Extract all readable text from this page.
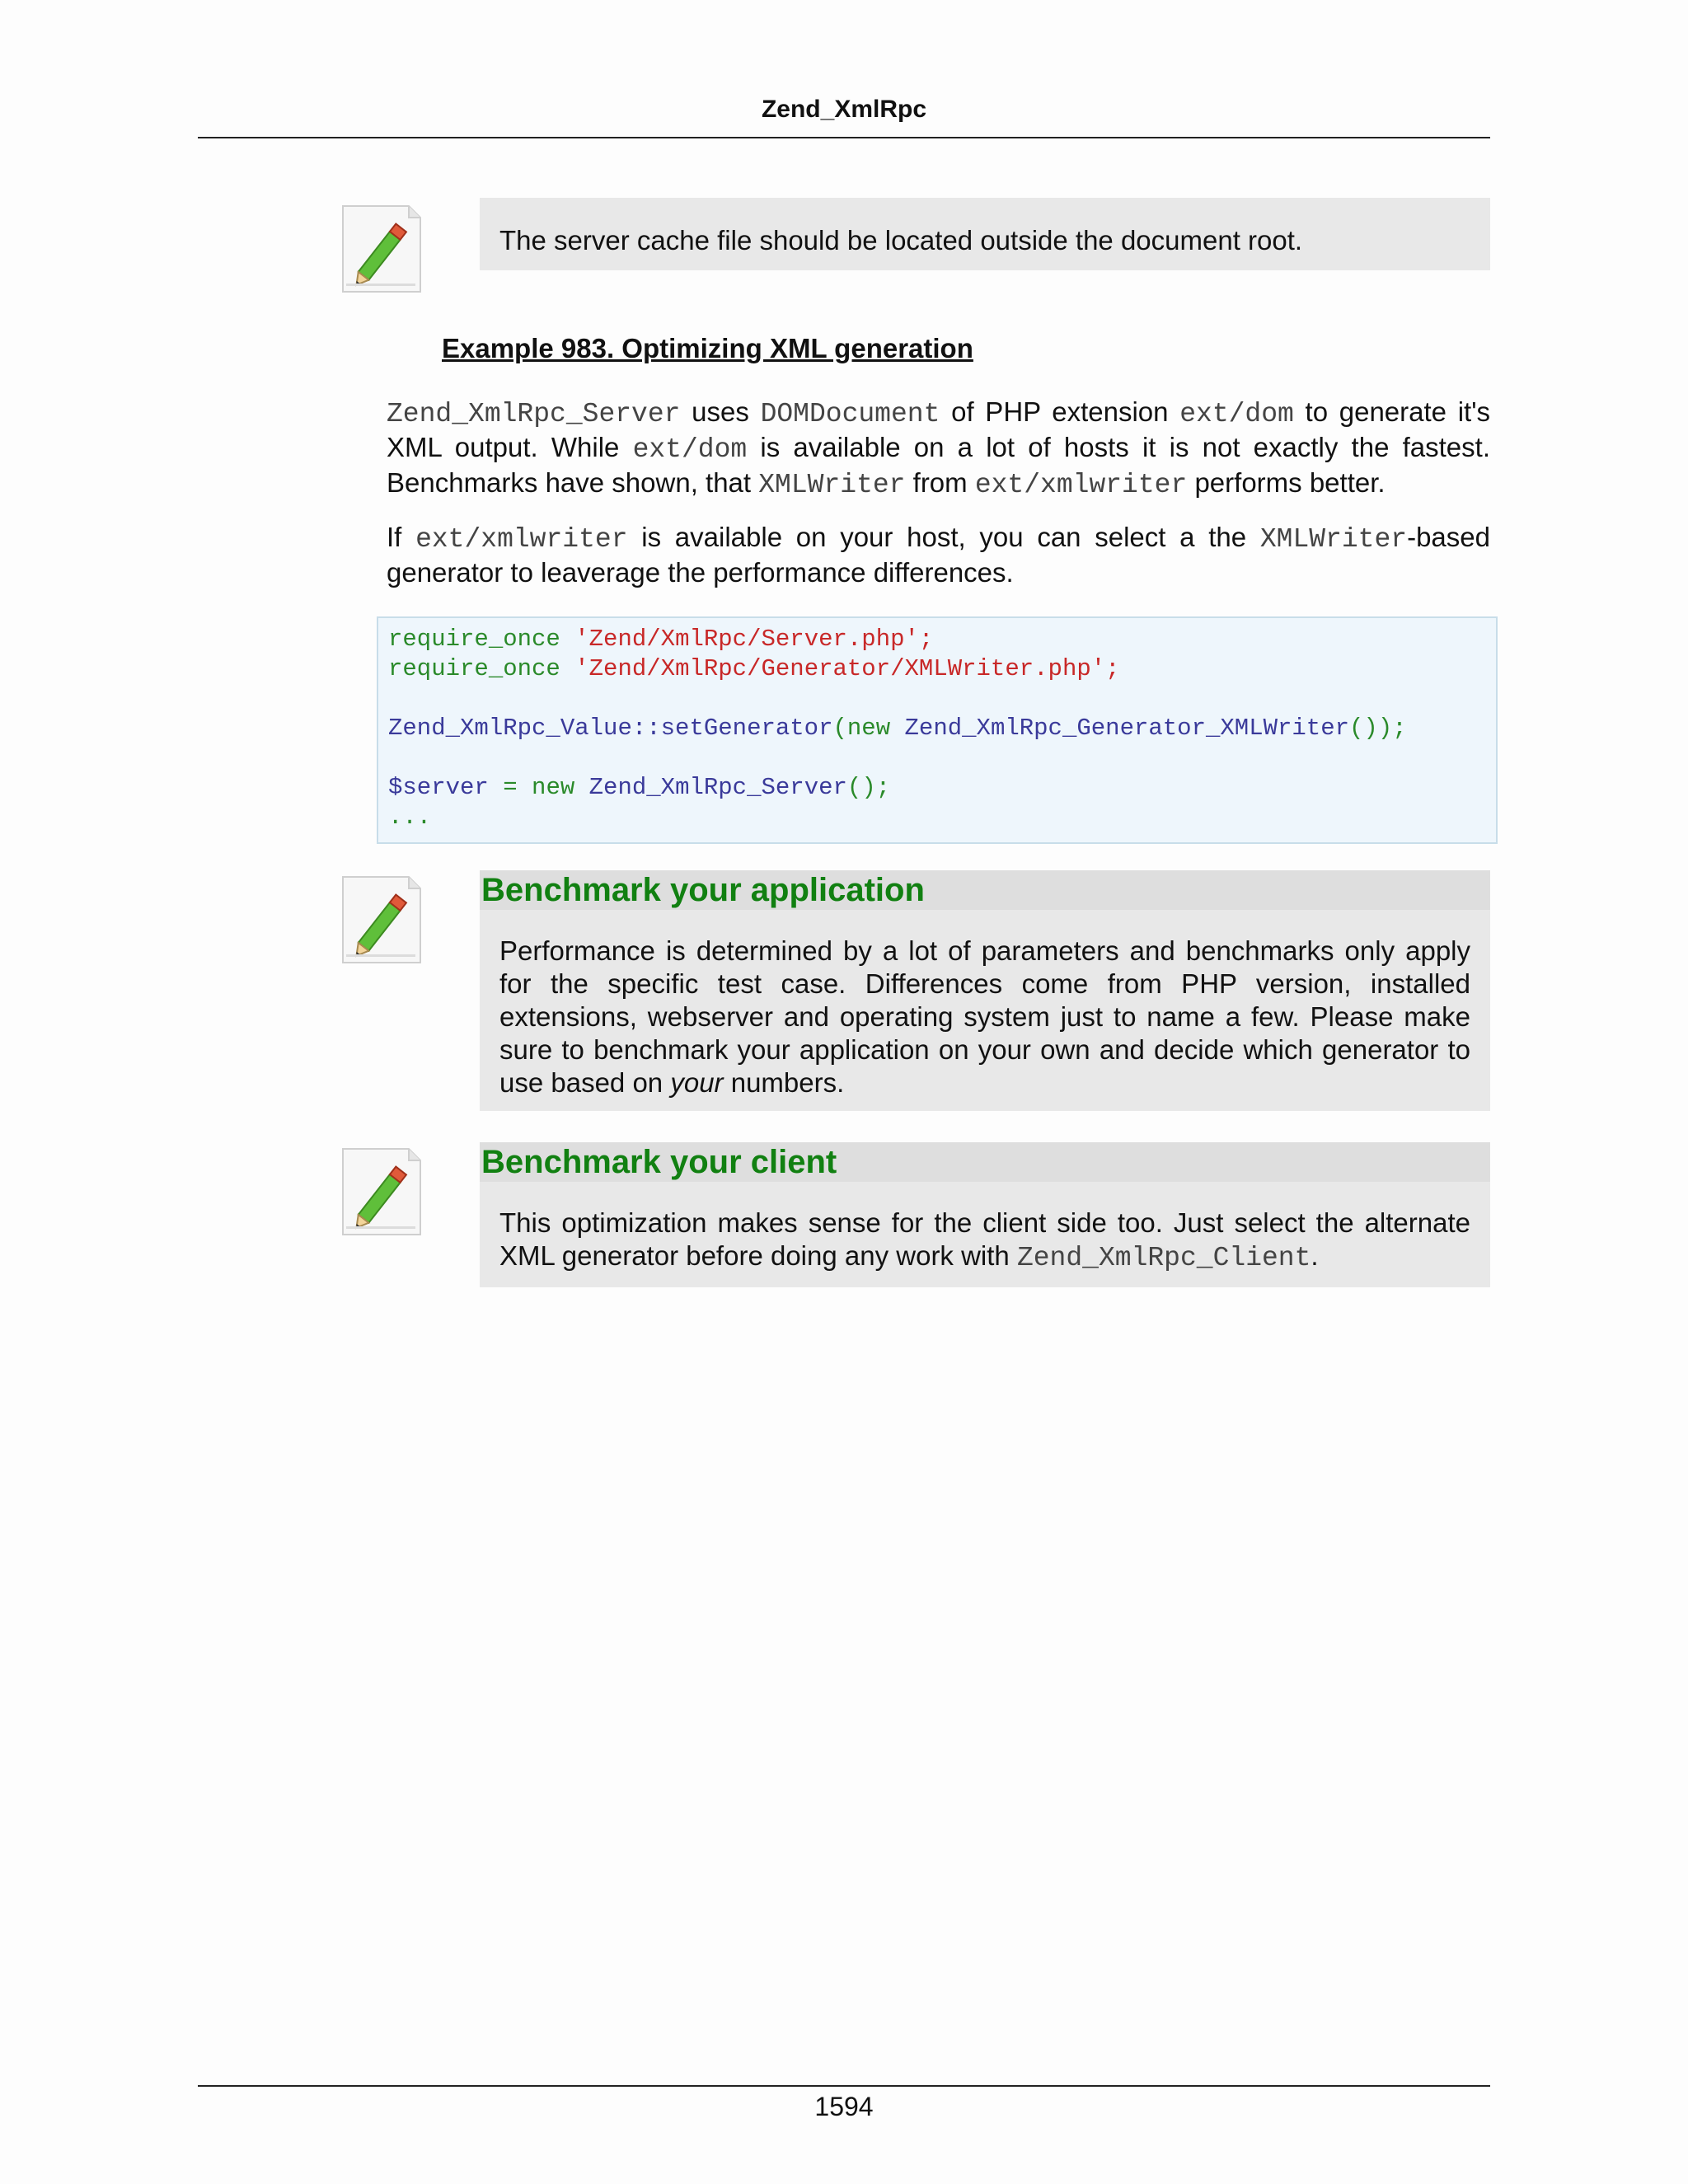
Zend_XmlRpc
The server cache file should be located outside the document root.
Example 983. Optimizing XML generation
Zend_XmlRpc_Server uses DOMDocument of PHP extension ext/dom to generate it's XML output. While ext/dom is available on a lot of hosts it is not exactly the fastest. Benchmarks have shown, that XMLWriter from ext/xmlwriter performs better.
If ext/xmlwriter is available on your host, you can select a the XMLWriter-based generator to leaverage the performance differences.
require_once 'Zend/XmlRpc/Server.php';
require_once 'Zend/XmlRpc/Generator/XMLWriter.php';

Zend_XmlRpc_Value::setGenerator(new Zend_XmlRpc_Generator_XMLWriter());

$server = new Zend_XmlRpc_Server();
...
Benchmark your application
Performance is determined by a lot of parameters and benchmarks only apply for the specific test case. Differences come from PHP version, installed extensions, webserver and operating system just to name a few. Please make sure to benchmark your application on your own and decide which generator to use based on your numbers.
Benchmark your client
This optimization makes sense for the client side too. Just select the alternate XML generator before doing any work with Zend_XmlRpc_Client.
1594
